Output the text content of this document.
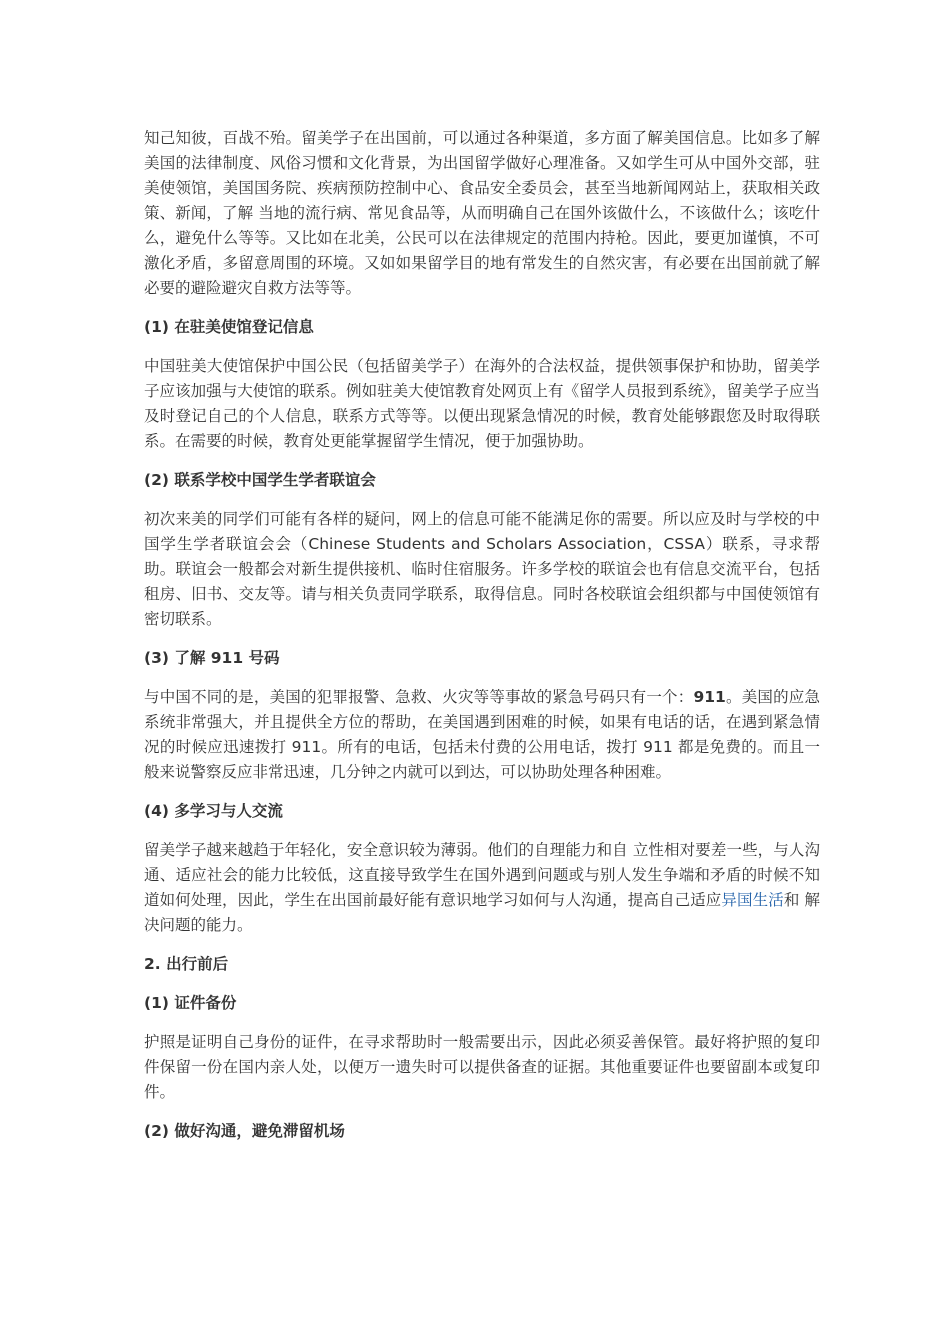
知己知彼，百战不殆。留美学子在出国前，可以通过各种渠道，多方面了解美国信息。比如多了解美国的法律制度、风俗习惯和文化背景，为出国留学做好心理准备。又如学生可从中国外交部，驻美使领馆，美国国务院、疾病预防控制中心、食品安全委员会，甚至当地新闻网站上，获取相关政策、新闻，了解 当地的流行病、常见食品等，从而明确自己在国外该做什么，不该做什么；该吃什么，避免什么等等。又比如在北美，公民可以在法律规定的范围内持枪。因此，要更加谨慎，不可激化矛盾，多留意周围的环境。又如如果留学目的地有常发生的自然灾害，有必要在出国前就了解必要的避险避灾自救方法等等。

(1) 在驻美使馆登记信息

中国驻美大使馆保护中国公民（包括留美学子）在海外的合法权益，提供领事保护和协助，留美学子应该加强与大使馆的联系。例如驻美大使馆教育处网页上有《留学人员报到系统》，留美学子应当及时登记自己的个人信息，联系方式等等。以便出现紧急情况的时候，教育处能够跟您及时取得联系。在需要的时候，教育处更能掌握留学生情况，便于加强协助。

(2) 联系学校中国学生学者联谊会

初次来美的同学们可能有各样的疑问，网上的信息可能不能满足你的需要。所以应及时与学校的中国学生学者联谊会会（Chinese Students and Scholars Association，CSSA）联系，寻求帮助。联谊会一般都会对新生提供接机、临时住宿服务。许多学校的联谊会也有信息交流平台，包括租房、旧书、交友等。请与相关负责同学联系，取得信息。同时各校联谊会组织都与中国使领馆有密切联系。

(3) 了解 911 号码

与中国不同的是，美国的犯罪报警、急救、火灾等等事故的紧急号码只有一个：911。美国的应急系统非常强大，并且提供全方位的帮助，在美国遇到困难的时候，如果有电话的话，在遇到紧急情况的时候应迅速拨打 911。所有的电话，包括未付费的公用电话，拨打 911 都是免费的。而且一般来说警察反应非常迅速，几分钟之内就可以到达，可以协助处理各种困难。

(4) 多学习与人交流

留美学子越来越趋于年轻化，安全意识较为薄弱。他们的自理能力和自 立性相对要差一些，与人沟通、适应社会的能力比较低，这直接导致学生在国外遇到问题或与别人发生争端和矛盾的时候不知道如何处理，因此，学生在出国前最好能有意识地学习如何与人沟通，提高自己适应异国生活和 解决问题的能力。

2. 出行前后
(1) 证件备份

护照是证明自己身份的证件，在寻求帮助时一般需要出示，因此必须妥善保管。最好将护照的复印件保留一份在国内亲人处，以便万一遗失时可以提供备查的证据。其他重要证件也要留副本或复印件。

(2) 做好沟通，避免滞留机场
